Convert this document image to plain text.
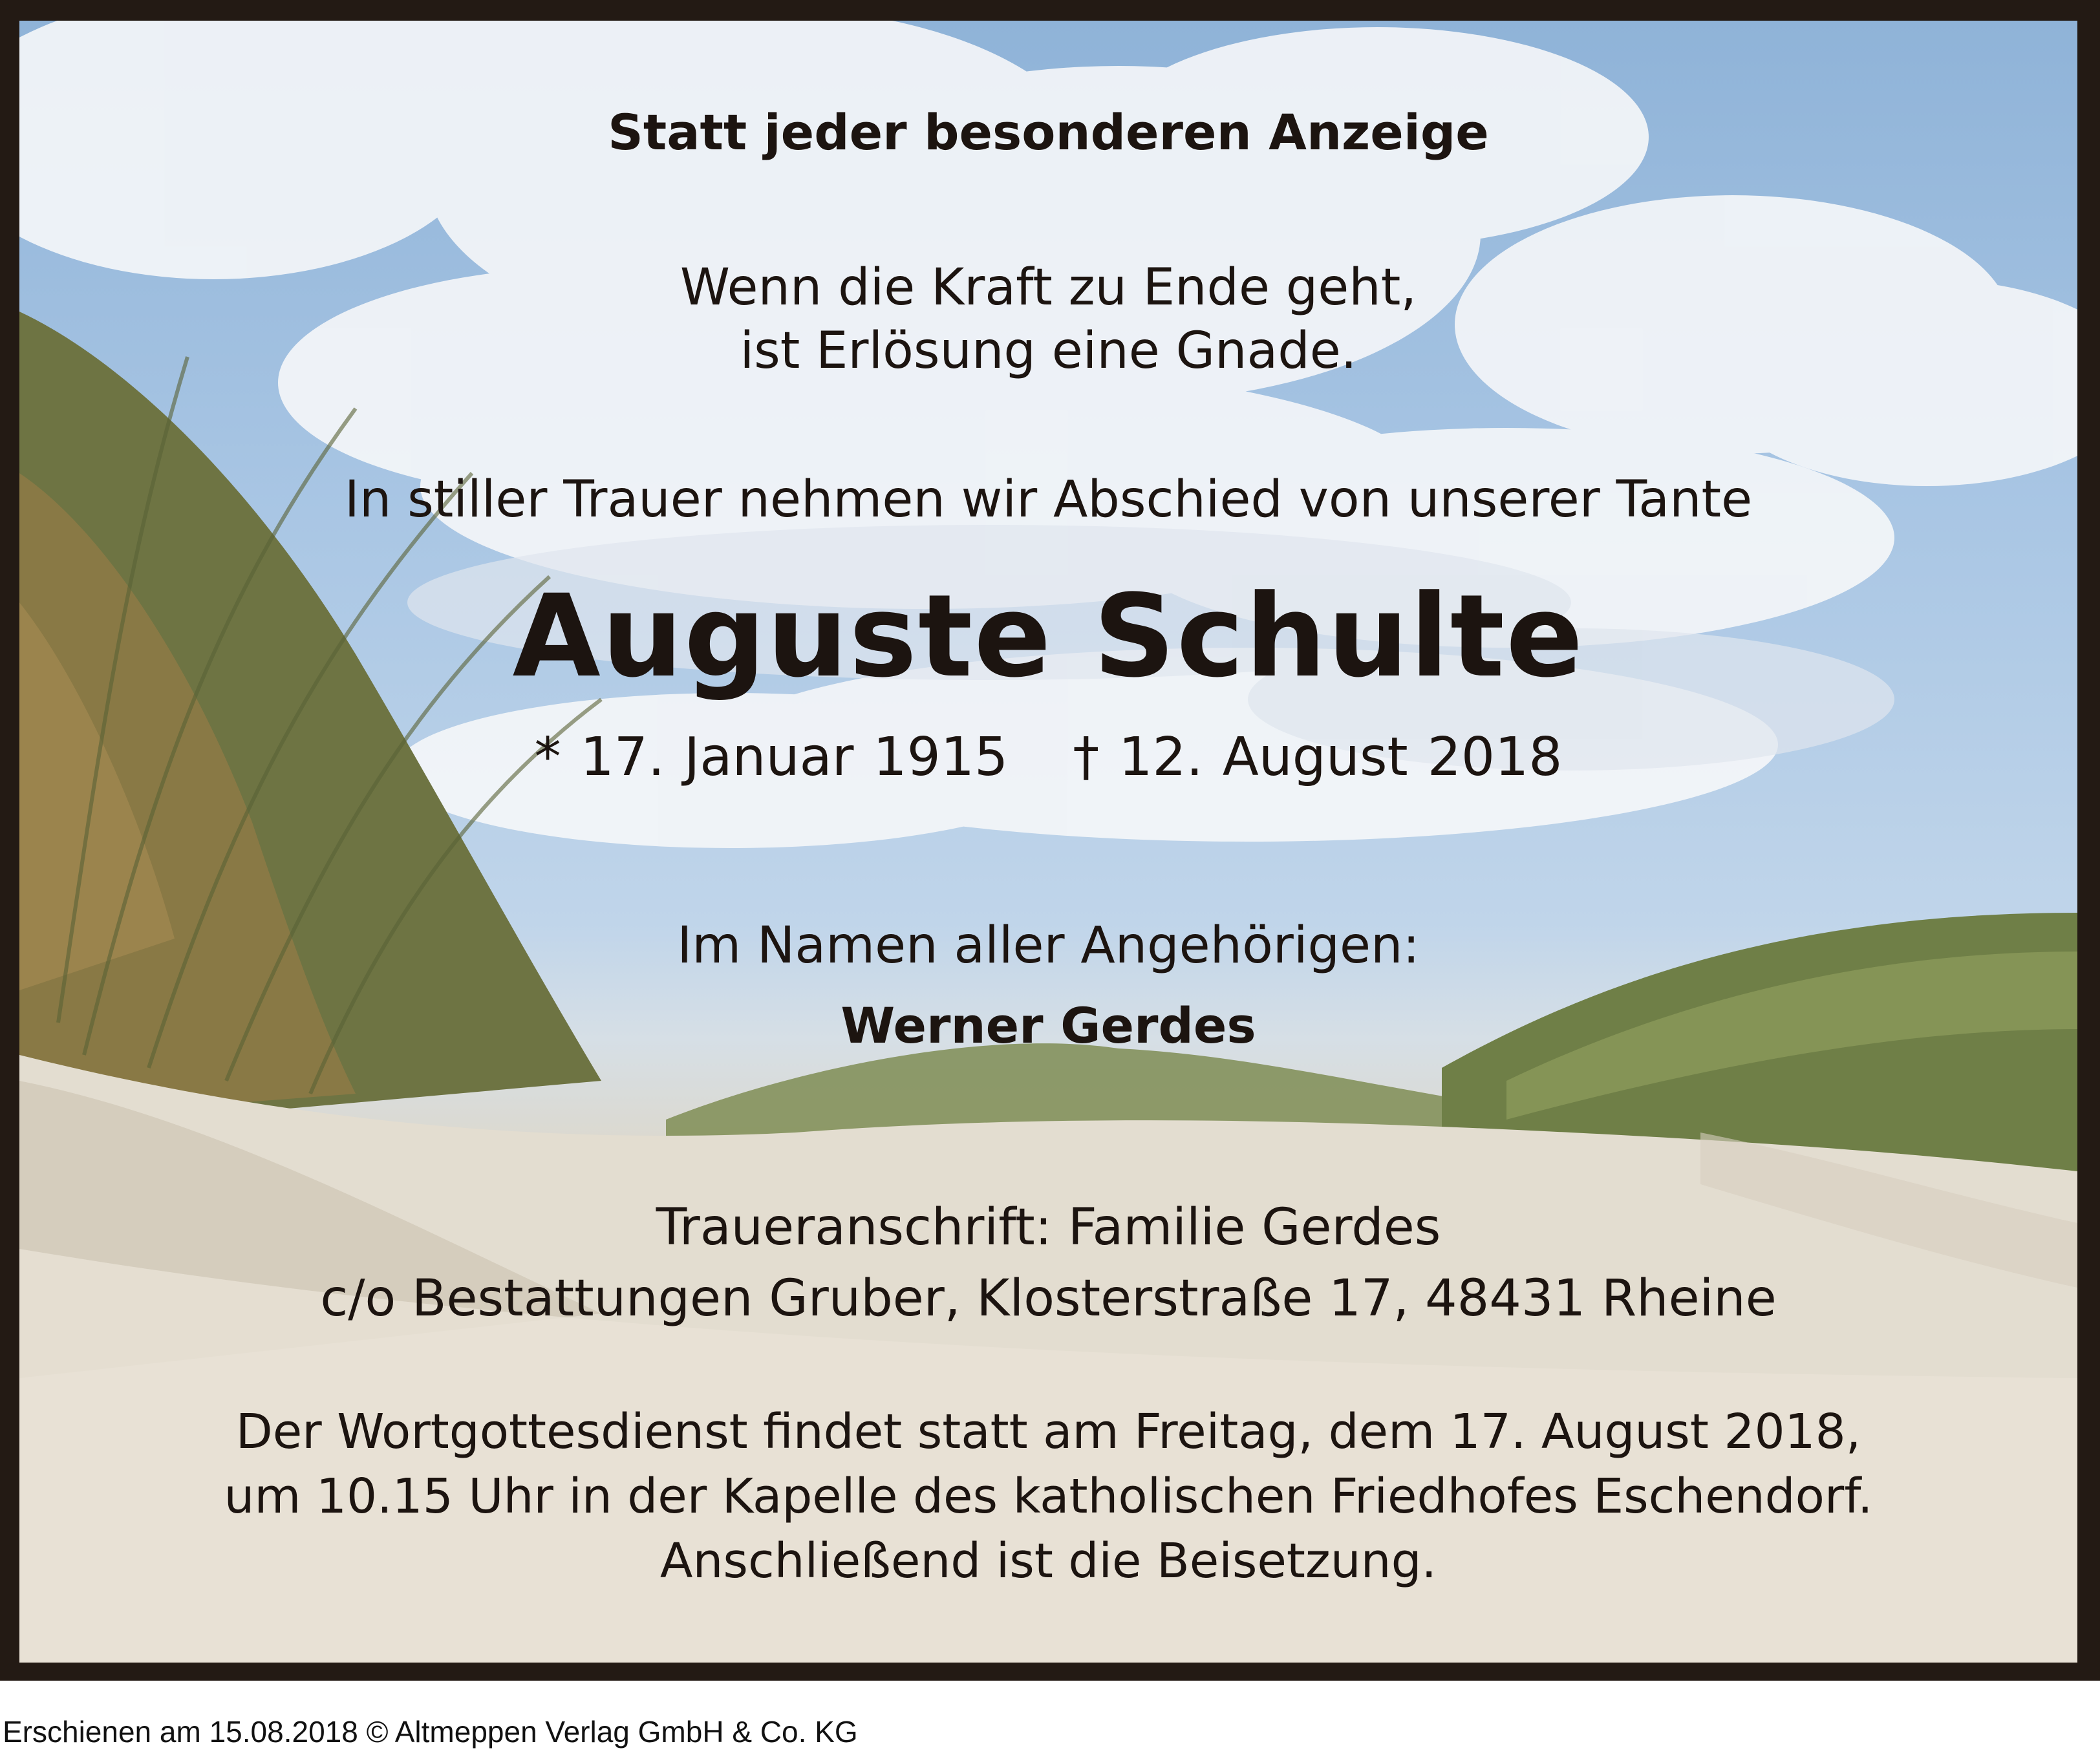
Statt jeder besonderen Anzeige

Wenn die Kraft zu Ende geht,

ist Erlösung eine Gnade.

In stiller Trauer nehmen wir Abschied von unserer Tante

Auguste Schulte

* 17. Januar 1915 † 12. August 2018

Im Namen aller Angehörigen:

Werner Gerdes

Traueranschrift: Familie Gerdes

c/o Bestattungen Gruber, Klosterstraße 17, 48431 Rheine

Der Wortgottesdienst findet statt am Freitag, dem 17. August 2018,

um 10.15 Uhr in der Kapelle des katholischen Friedhofes Eschendorf.

Anschließend ist die Beisetzung.

Erschienen am 15.08.2018 © Altmeppen Verlag GmbH & Co. KG
